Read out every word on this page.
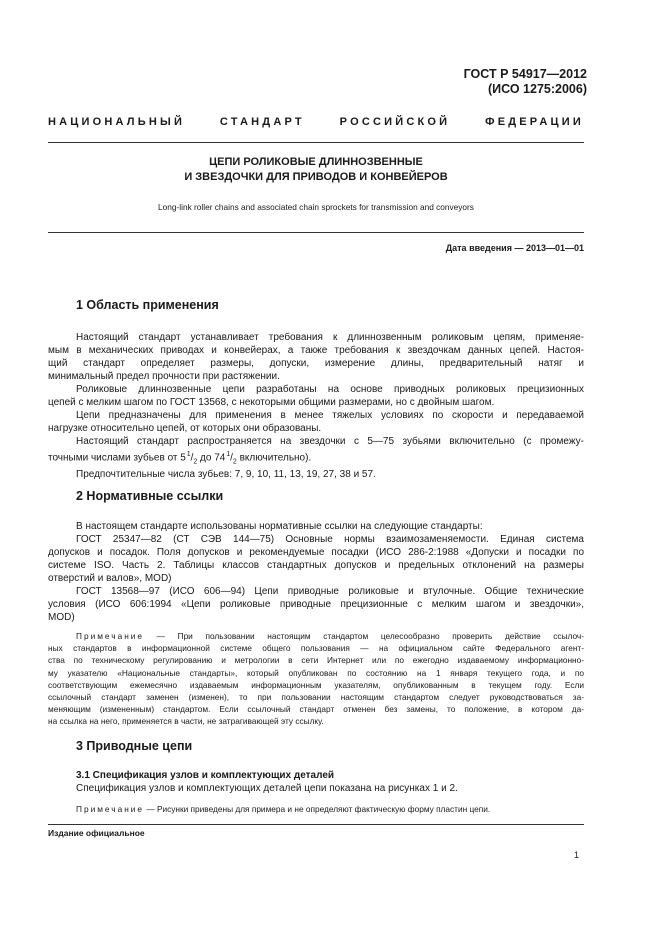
ГОСТ Р 54917—2012
(ИСО 1275:2006)
НАЦИОНАЛЬНЫЙ	СТАНДАРТ	РОССИЙСКОЙ	ФЕДЕРАЦИИ
ЦЕПИ РОЛИКОВЫЕ ДЛИННОЗВЕННЫЕ
И ЗВЕЗДОЧКИ ДЛЯ ПРИВОДОВ И КОНВЕЙЕРОВ
Long-link roller chains and associated chain sprockets for transmission and conveyors
Дата введения — 2013—01—01
1 Область применения
Настоящий стандарт устанавливает требования к длиннозвенным роликовым цепям, применяе-
мым в механических приводах и конвейерах, а также требования к звездочкам данных цепей. Настоя-
щий стандарт определяет размеры, допуски, измерение длины, предварительный натяг и
минимальный предел прочности при растяжении.
Роликовые длиннозвенные цепи разработаны на основе приводных роликовых прецизионных
цепей с мелким шагом по ГОСТ 13568, с некоторыми общими размерами, но с двойным шагом.
Цепи предназначены для применения в менее тяжелых условиях по скорости и передаваемой
нагрузке относительно цепей, от которых они образованы.
Настоящий стандарт распространяется на звездочки с 5—75 зубьями включительно (с промежу-
точными числами зубьев от 5 $^1/_2$ до 74 $^1/_2$ включительно).
Предпочтительные числа зубьев: 7, 9, 10, 11, 13, 19, 27, 38 и 57.
2 Нормативные ссылки
В настоящем стандарте использованы нормативные ссылки на следующие стандарты:
ГОСТ 25347—82 (СТ СЭВ 144—75) Основные нормы взаимозаменяемости. Единая система
допусков и посадок. Поля допусков и рекомендуемые посадки (ИСО 286-2:1988 «Допуски и посадки по
системе ISO. Часть 2. Таблицы классов стандартных допусков и предельных отклонений на размеры
отверстий и валов», MOD)
ГОСТ 13568—97 (ИСО 606—94) Цепи приводные роликовые и втулочные. Общие технические
условия (ИСО 606:1994 «Цепи роликовые приводные прецизионные с мелким шагом и звездочки»,
MOD)
Примечание — При пользовании настоящим стандартом целесообразно проверить действие ссылоч-
ных стандартов в информационной системе общего пользования — на официальном сайте Федерального агент-
ства по техническому регулированию и метрологии в сети Интернет или по ежегодно издаваемому информационно-
му указателю «Национальные стандарты», который опубликован по состоянию на 1 января текущего года, и по
соответствующим ежемесячно издаваемым информационным указателям, опубликованным в текущем году. Если
ссылочный стандарт заменен (изменен), то при пользовании настоящим стандартом следует руководствоваться за-
меняющим (измененным) стандартом. Если ссылочный стандарт отменен без замены, то положение, в котором да-
на ссылка на него, применяется в части, не затрагивающей эту ссылку.
3 Приводные цепи
3.1 Спецификация узлов и комплектующих деталей
Спецификация узлов и комплектующих деталей цепи показана на рисунках 1 и 2.
Примечание — Рисунки приведены для примера и не определяют фактическую форму пластин цепи.
Издание официальное
1
